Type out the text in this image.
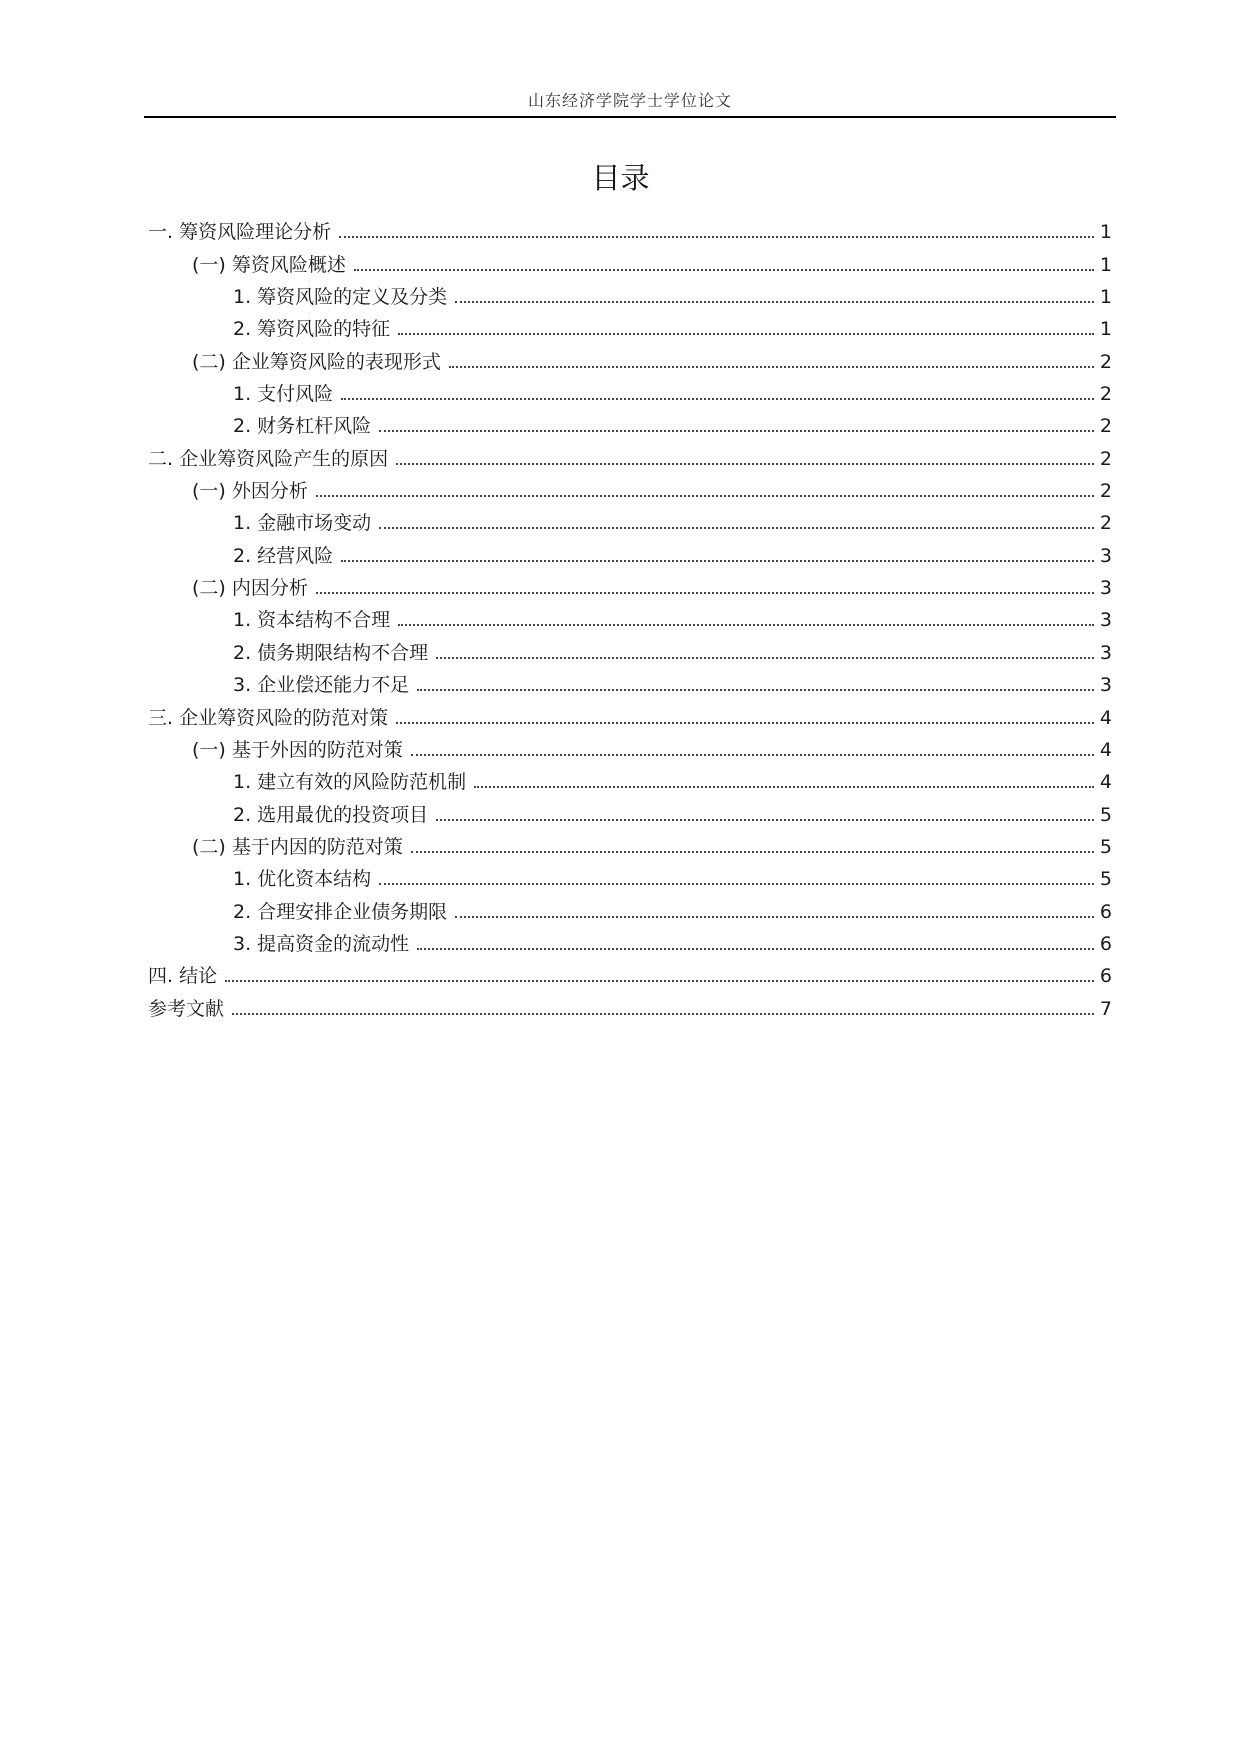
山东经济学院学士学位论文
目录
一. 筹资风险理论分析	1
(一) 筹资风险概述	1
1. 筹资风险的定义及分类	1
2. 筹资风险的特征	1
(二) 企业筹资风险的表现形式	2
1. 支付风险	2
2. 财务杠杆风险	2
二. 企业筹资风险产生的原因	2
(一) 外因分析	2
1. 金融市场变动	2
2. 经营风险	3
(二) 内因分析	3
1. 资本结构不合理	3
2. 债务期限结构不合理	3
3. 企业偿还能力不足	3
三. 企业筹资风险的防范对策	4
(一) 基于外因的防范对策	4
1. 建立有效的风险防范机制	4
2. 选用最优的投资项目	5
(二) 基于内因的防范对策	5
1. 优化资本结构	5
2. 合理安排企业债务期限	6
3. 提高资金的流动性	6
四. 结论	6
参考文献	7
